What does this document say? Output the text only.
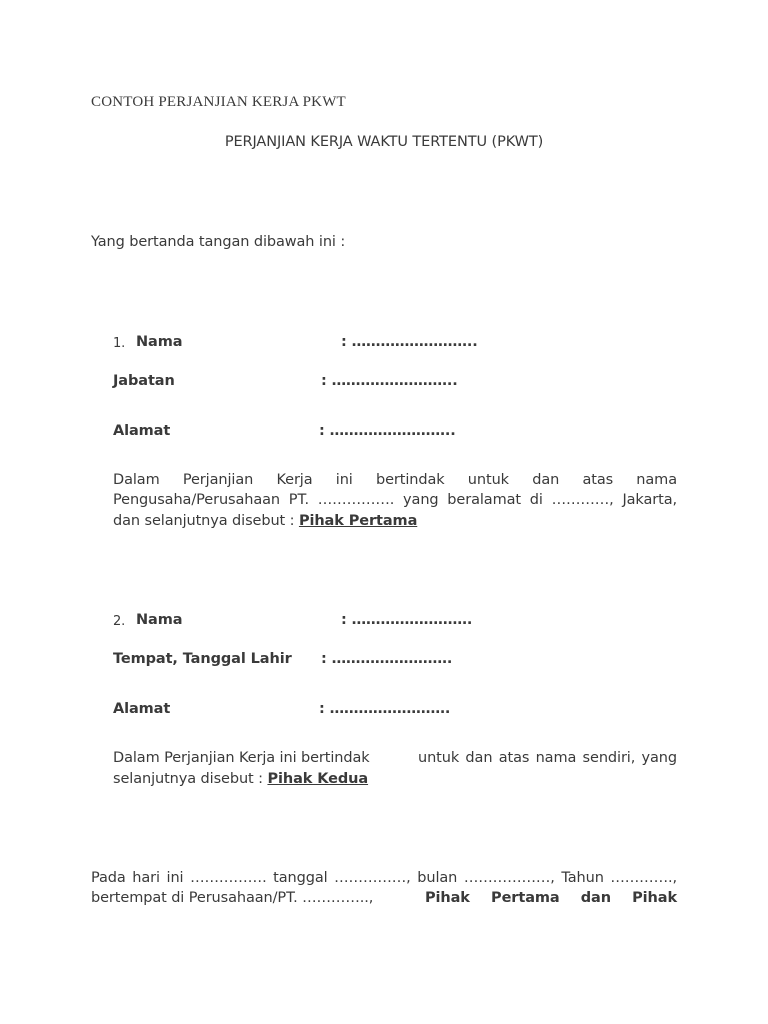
CONTOH PERJANJIAN KERJA PKWT
PERJANJIAN KERJA WAKTU TERTENTU (PKWT)
Yang bertanda tangan dibawah ini :
1. Nama	: ……………………..
Jabatan	: ……………………..
Alamat	: ……………………..
Dalam Perjanjian Kerja ini bertindak untuk dan atas nama
Pengusaha/Perusahaan PT. ……………. yang beralamat di …………, Jakarta,
dan selanjutnya disebut : Pihak Pertama
2. Nama	: …………………….
Tempat, Tanggal Lahir : …………………….
Alamat	: …………………….
Dalam Perjanjian Kerja ini bertindak	untuk dan atas nama sendiri, yang
selanjutnya disebut : Pihak Kedua
Pada hari ini ……………. tanggal ……………, bulan ………………, Tahun ………….,
bertempat di Perusahaan/PT. …………..,	Pihak Pertama dan Pihak
